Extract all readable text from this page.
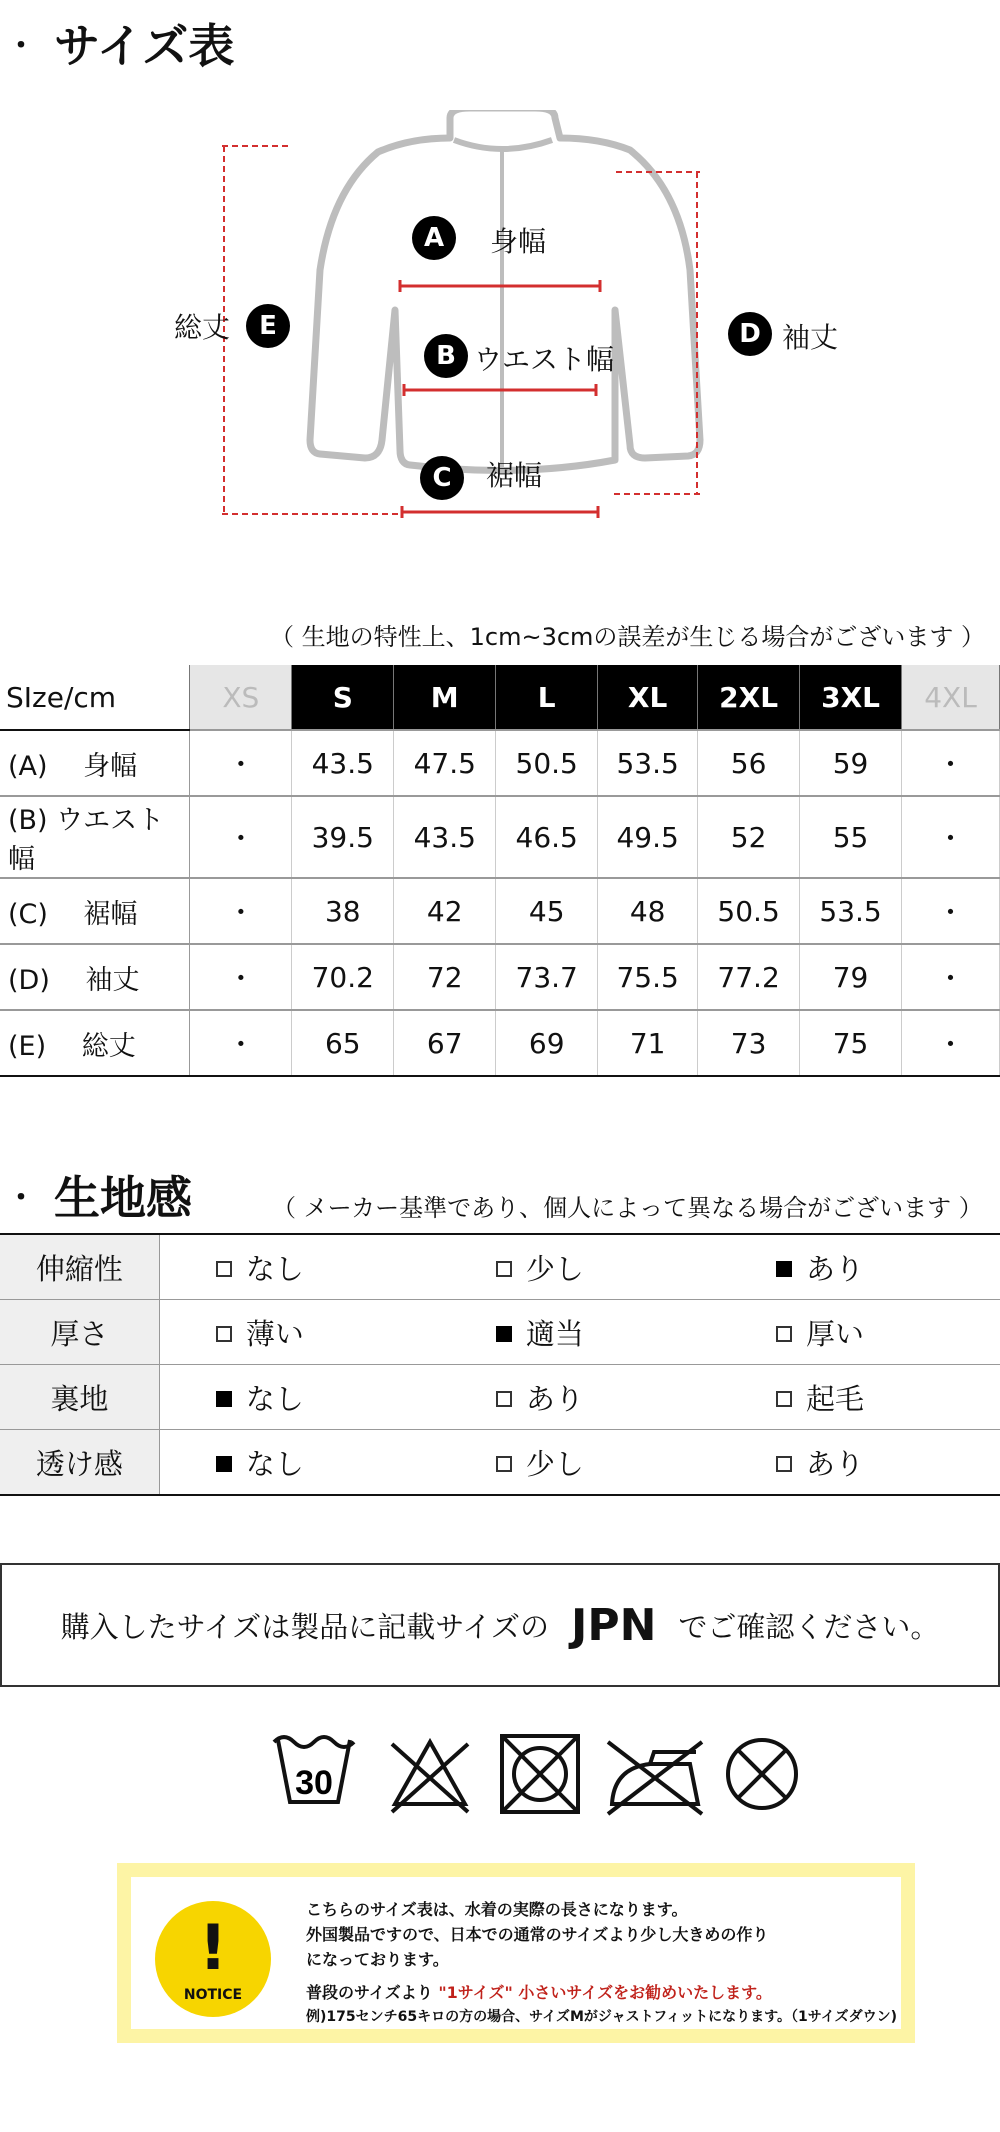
・ サイズ表
A	身幅
B ウエスト幅
C	裾幅
D 袖丈
総丈	E
（ 生地の特性上、1cm~3cmの誤差が生じる場合がございます ）
SIze/cm	XS	S	M	L	XL	2XL	3XL	4XL
(A)　 身幅	・	43.5	47.5	50.5	53.5	56	59	・
(B) ウエスト幅	・	39.5	43.5	46.5	49.5	52	55	・
(C)　 裾幅	・	38	42	45	48	50.5	53.5	・
(D)　 袖丈	・	70.2	72	73.7	75.5	77.2	79	・
(E)　 総丈	・	65	67	69	71	73	75	・
・ 生地感	（ メーカー基準であり、個人によって異なる場合がございます ）
伸縮性	なし	少し	あり
厚さ	薄い	適当	厚い
裏地	なし	あり	起毛
透け感	なし	少し	あり
購入したサイズは製品に記載サイズの JPN でご確認ください。
30
!
NOTICE
こちらのサイズ表は、水着の実際の長さになります。
外国製品ですので、日本での通常のサイズより少し大きめの作り
になっております。
普段のサイズより "1サイズ" 小さいサイズをお勧めいたします。
例)175センチ65キロの方の場合、サイズMがジャストフィットになります。（1サイズダウン)
